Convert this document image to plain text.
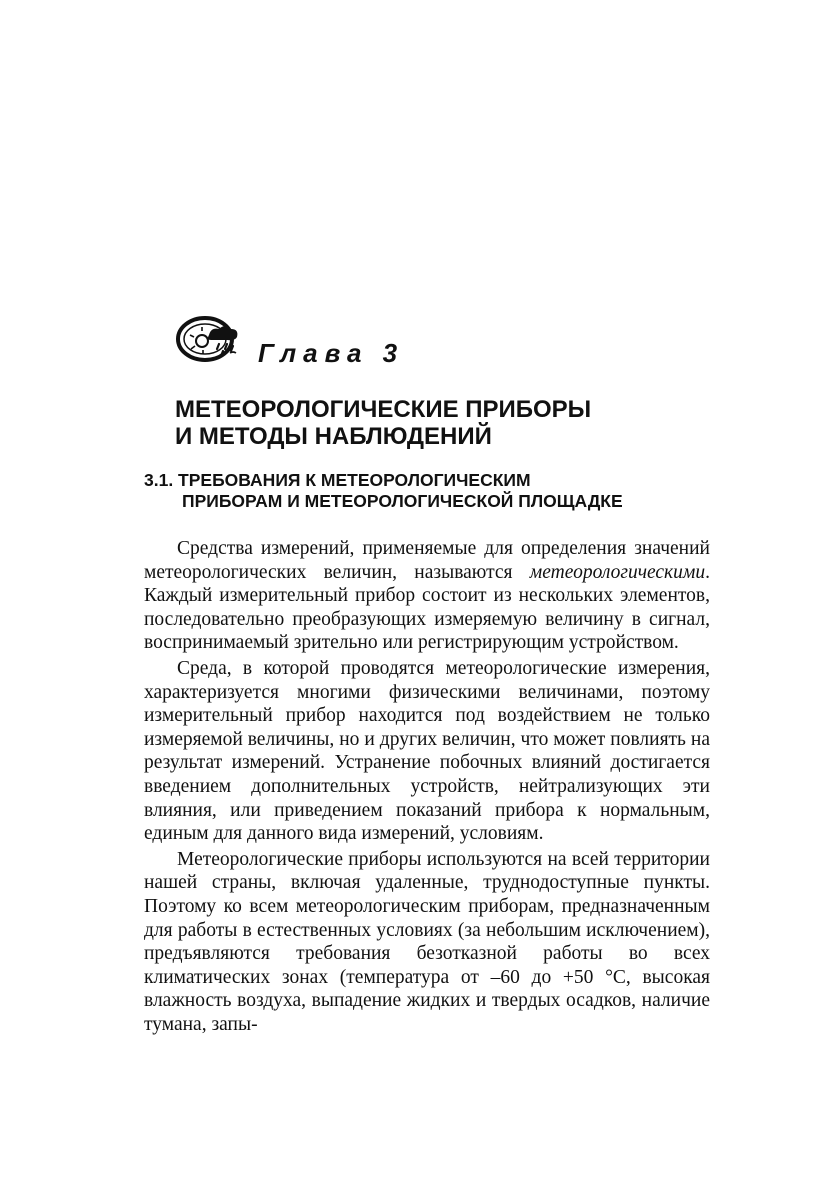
Глава 3
МЕТЕОРОЛОГИЧЕСКИЕ ПРИБОРЫ
И МЕТОДЫ НАБЛЮДЕНИЙ
3.1. ТРЕБОВАНИЯ К МЕТЕОРОЛОГИЧЕСКИМ
ПРИБОРАМ И МЕТЕОРОЛОГИЧЕСКОЙ ПЛОЩАДКЕ

Средства измерений, применяемые для определения значений метеорологических величин, называются метеорологическими. Каждый измерительный прибор состоит из нескольких элементов, последовательно преобразующих измеряемую величину в сигнал, воспринимаемый зрительно или регистрирующим устройством.

Среда, в которой проводятся метеорологические измерения, характеризуется многими физическими величинами, поэтому измерительный прибор находится под воздействием не только измеряемой величины, но и других величин, что может повлиять на результат измерений. Устранение побочных влияний достигается введением дополнительных устройств, нейтрализующих эти влияния, или приведением показаний прибора к нормальным, единым для данного вида измерений, условиям.

Метеорологические приборы используются на всей территории нашей страны, включая удаленные, труднодоступные пункты. Поэтому ко всем метеорологическим приборам, предназначенным для работы в естественных условиях (за небольшим исключением), предъявляются требования безотказной работы во всех климатических зонах (температура от –60 до +50 °С, высокая влажность воздуха, выпадение жидких и твердых осадков, наличие тумана, запы-
